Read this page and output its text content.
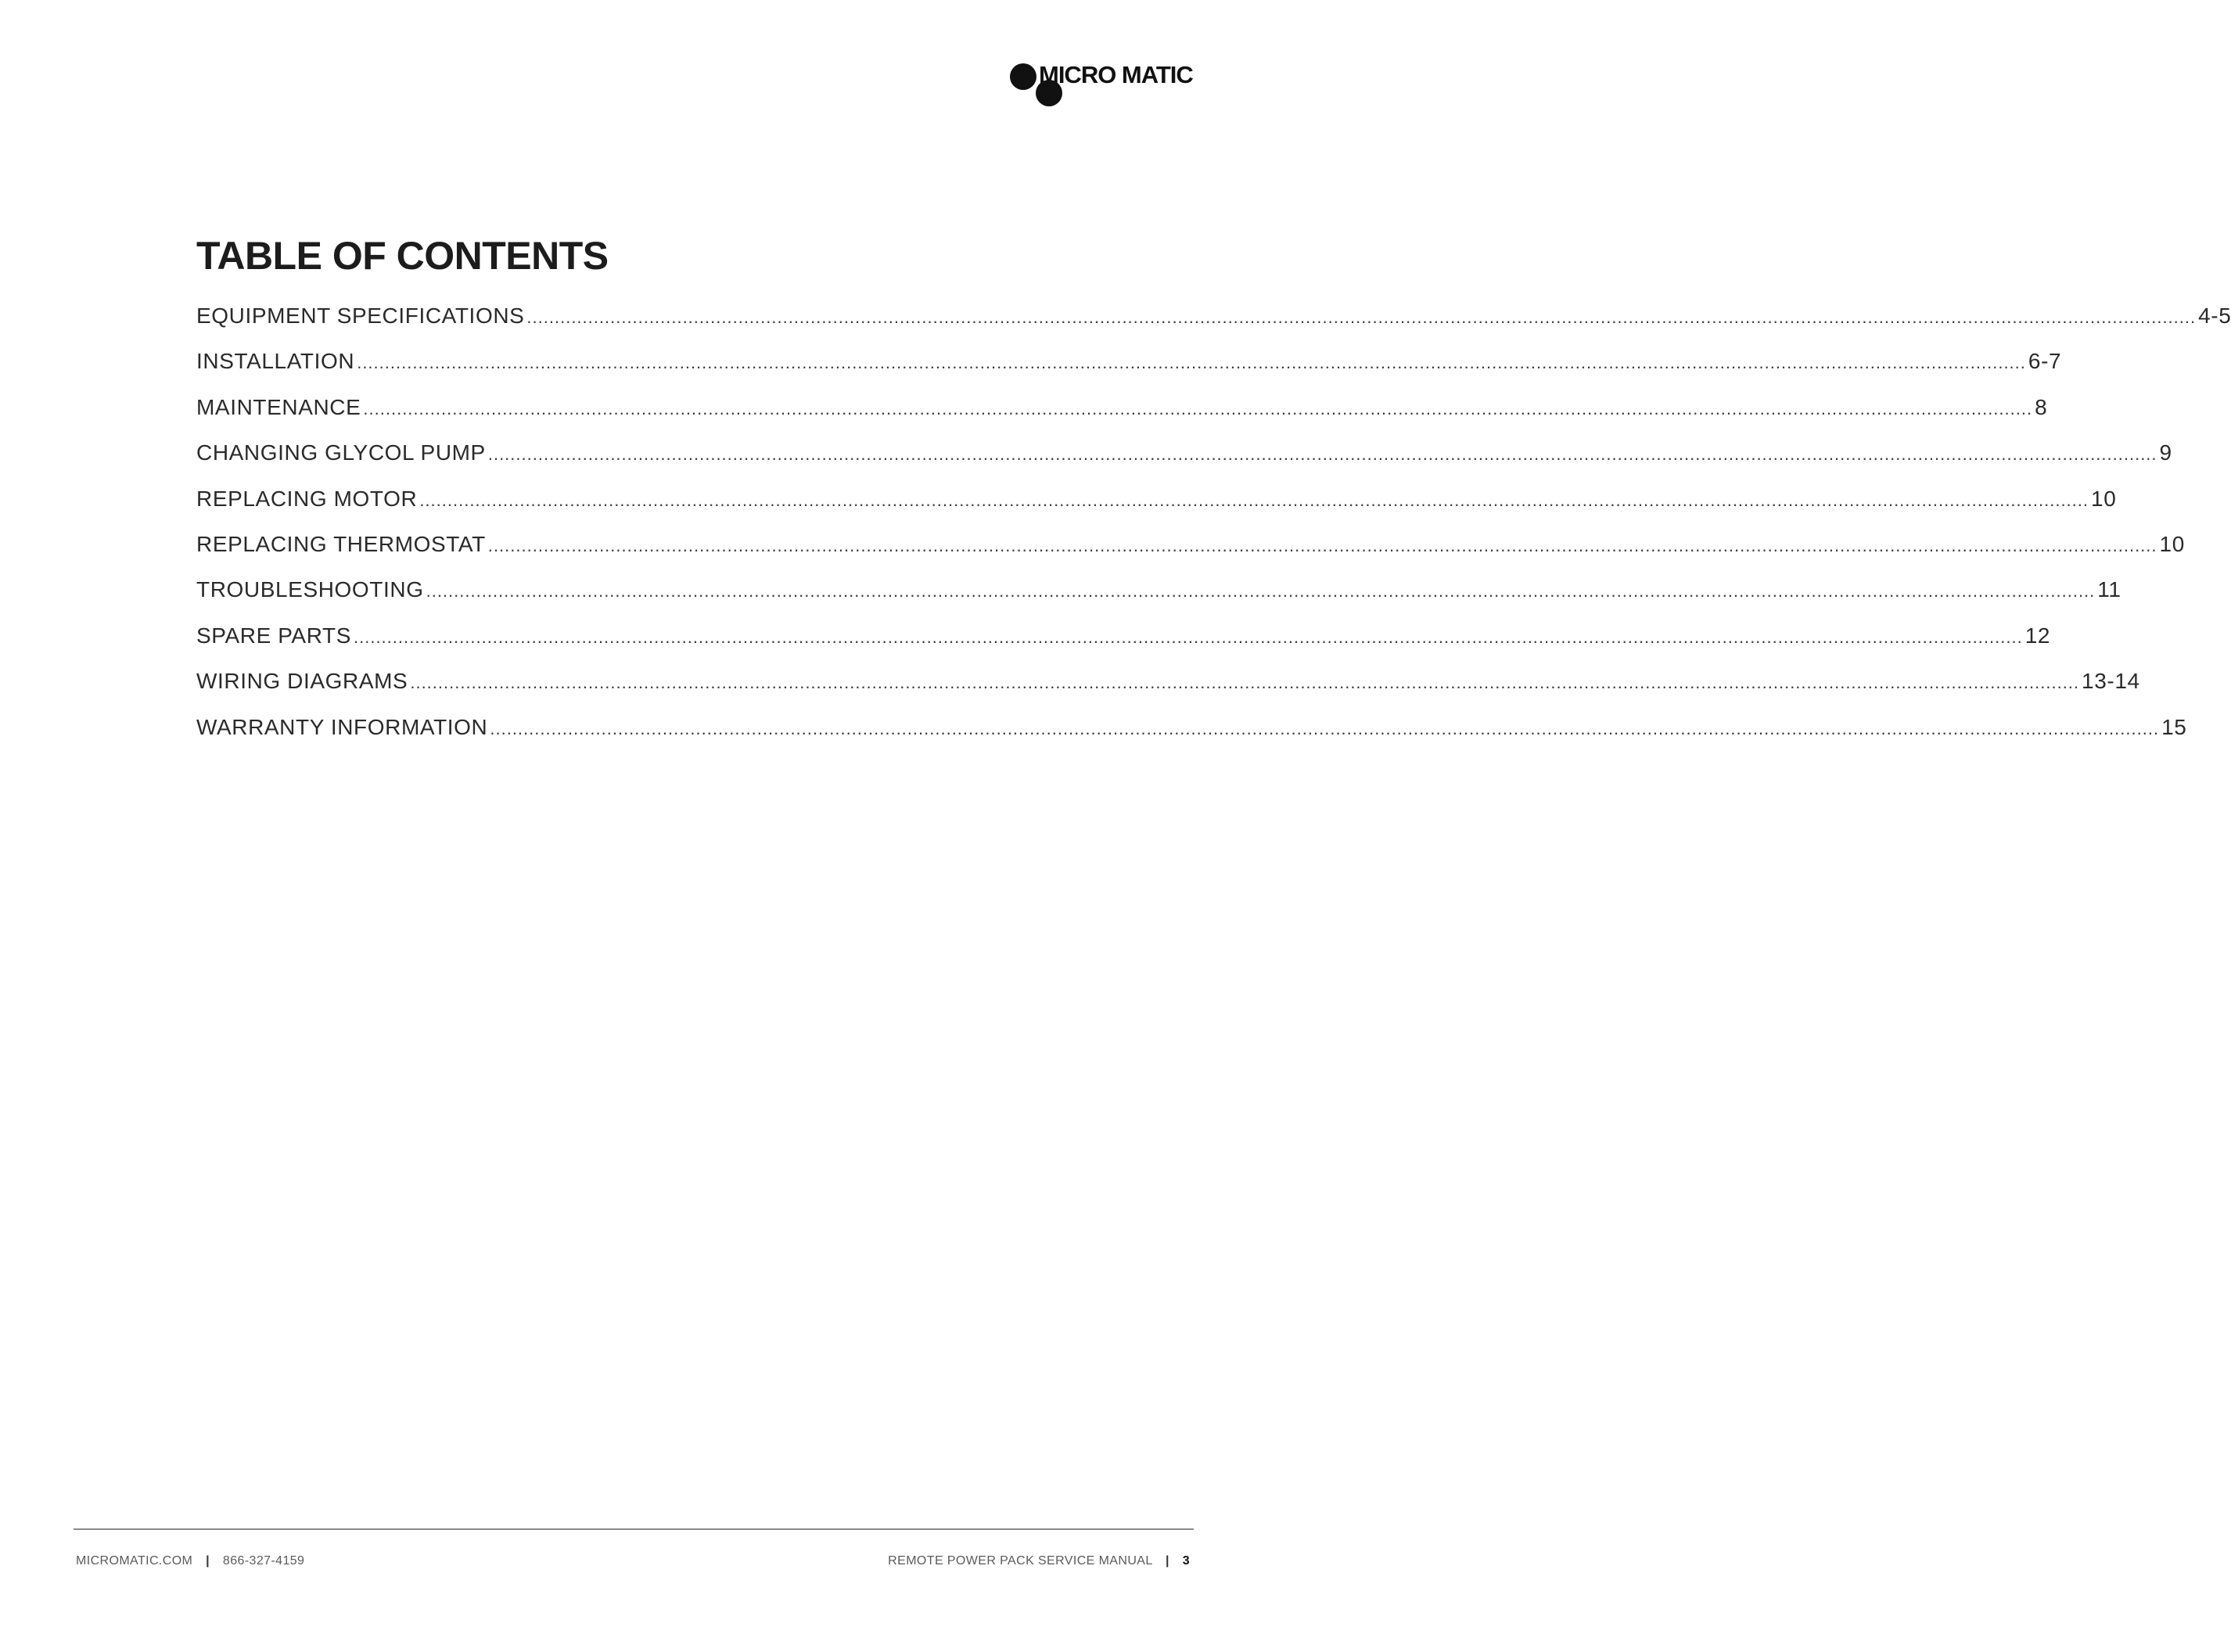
MICRO MATIC
TABLE OF CONTENTS
EQUIPMENT SPECIFICATIONS ............................................................................................................................................................................................................................................................................................................ 4-5
INSTALLATION ............................................................................................................................................................................................................................................................................................................ 6-7
MAINTENANCE ............................................................................................................................................................................................................................................................................................................ 8
CHANGING GLYCOL PUMP ............................................................................................................................................................................................................................................................................................................ 9
REPLACING MOTOR ............................................................................................................................................................................................................................................................................................................ 10
REPLACING THERMOSTAT ............................................................................................................................................................................................................................................................................................................ 10
TROUBLESHOOTING ............................................................................................................................................................................................................................................................................................................ 11
SPARE PARTS ............................................................................................................................................................................................................................................................................................................ 12
WIRING DIAGRAMS ............................................................................................................................................................................................................................................................................................................ 13-14
WARRANTY INFORMATION ............................................................................................................................................................................................................................................................................................................ 15
MICROMATIC.COM | 866-327-4159	REMOTE POWER PACK SERVICE MANUAL | 3
